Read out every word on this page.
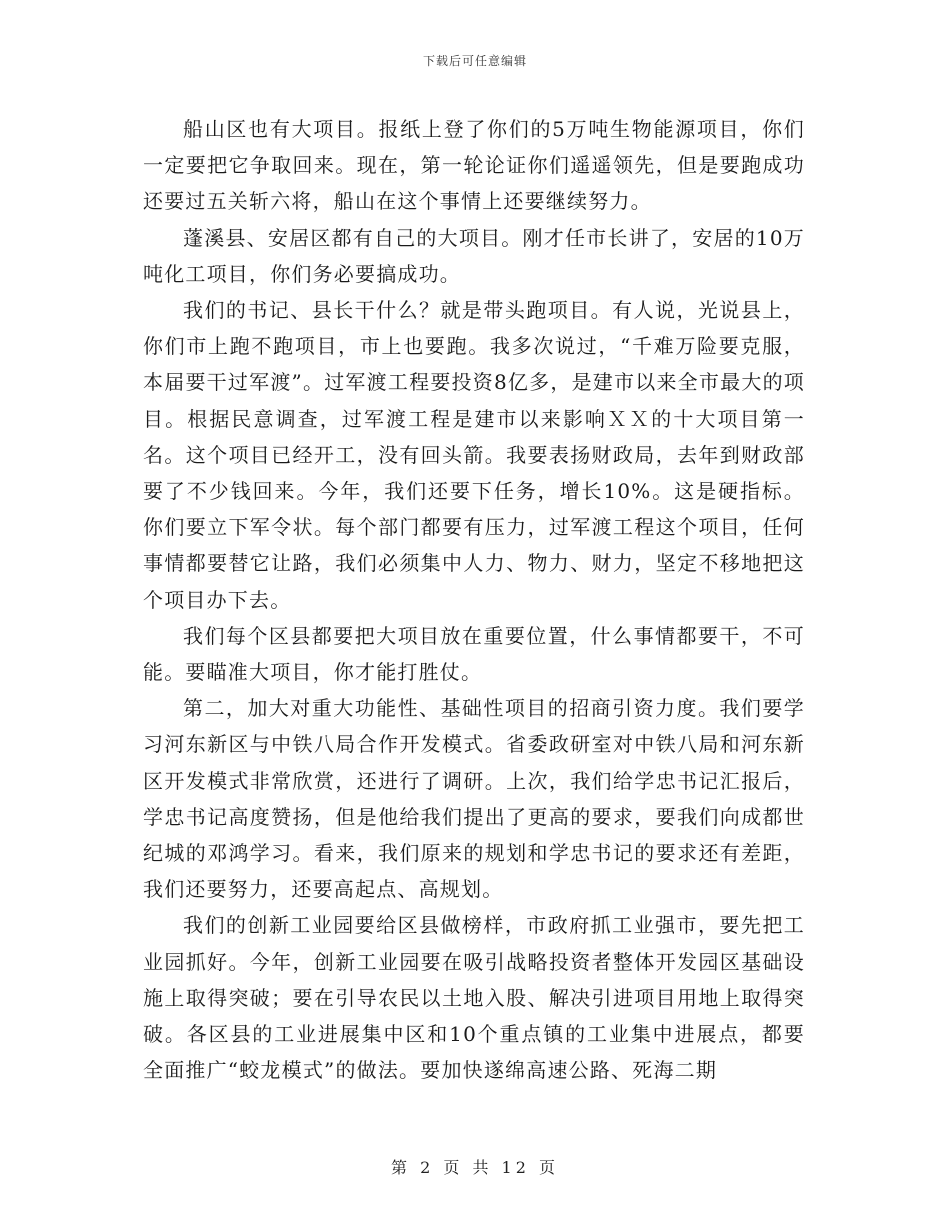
下载后可任意编辑

船山区也有大项目。报纸上登了你们的5万吨生物能源项目，你们一定要把它争取回来。现在，第一轮论证你们遥遥领先，但是要跑成功还要过五关斩六将，船山在这个事情上还要继续努力。

蓬溪县、安居区都有自己的大项目。刚才任市长讲了，安居的10万吨化工项目，你们务必要搞成功。

我们的书记、县长干什么？就是带头跑项目。有人说，光说县上，你们市上跑不跑项目，市上也要跑。我多次说过，“千难万险要克服，本届要干过军渡”。过军渡工程要投资8亿多，是建市以来全市最大的项目。根据民意调查，过军渡工程是建市以来影响ＸＸ的十大项目第一名。这个项目已经开工，没有回头箭。我要表扬财政局，去年到财政部要了不少钱回来。今年，我们还要下任务，增长10%。这是硬指标。你们要立下军令状。每个部门都要有压力，过军渡工程这个项目，任何事情都要替它让路，我们必须集中人力、物力、财力，坚定不移地把这个项目办下去。

我们每个区县都要把大项目放在重要位置，什么事情都要干，不可能。要瞄准大项目，你才能打胜仗。

第二，加大对重大功能性、基础性项目的招商引资力度。我们要学习河东新区与中铁八局合作开发模式。省委政研室对中铁八局和河东新区开发模式非常欣赏，还进行了调研。上次，我们给学忠书记汇报后，学忠书记高度赞扬，但是他给我们提出了更高的要求，要我们向成都世纪城的邓鸿学习。看来，我们原来的规划和学忠书记的要求还有差距，我们还要努力，还要高起点、高规划。

我们的创新工业园要给区县做榜样，市政府抓工业强市，要先把工业园抓好。今年，创新工业园要在吸引战略投资者整体开发园区基础设施上取得突破；要在引导农民以土地入股、解决引进项目用地上取得突破。各区县的工业进展集中区和10个重点镇的工业集中进展点，都要全面推广“蛟龙模式”的做法。要加快遂绵高速公路、死海二期

第 2 页 共 12 页
